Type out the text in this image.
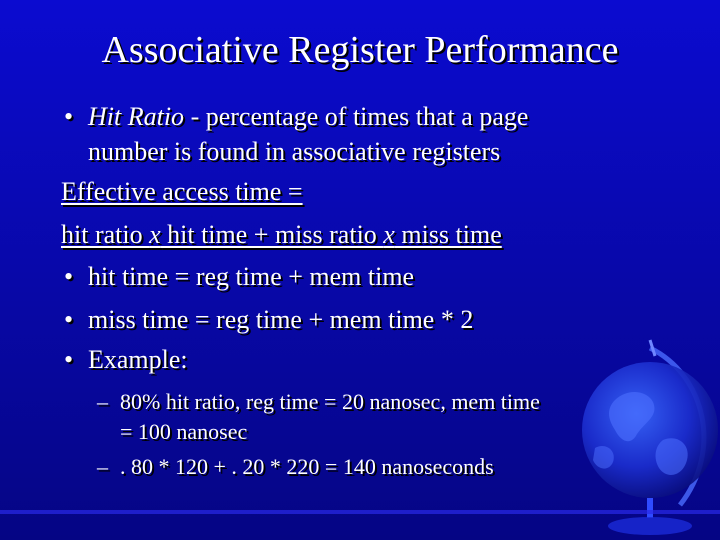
Associative Register Performance
• Hit Ratio - percentage of times that a page

number is found in associative registers

Effective access time =

hit ratio x hit time + miss ratio x miss time

• hit time = reg time + mem time

• miss time = reg time + mem time * 2

• Example:

– 80% hit ratio, reg time = 20 nanosec, mem time
= 100 nanosec
– . 80 * 120 + . 20 * 220 = 140 nanoseconds
